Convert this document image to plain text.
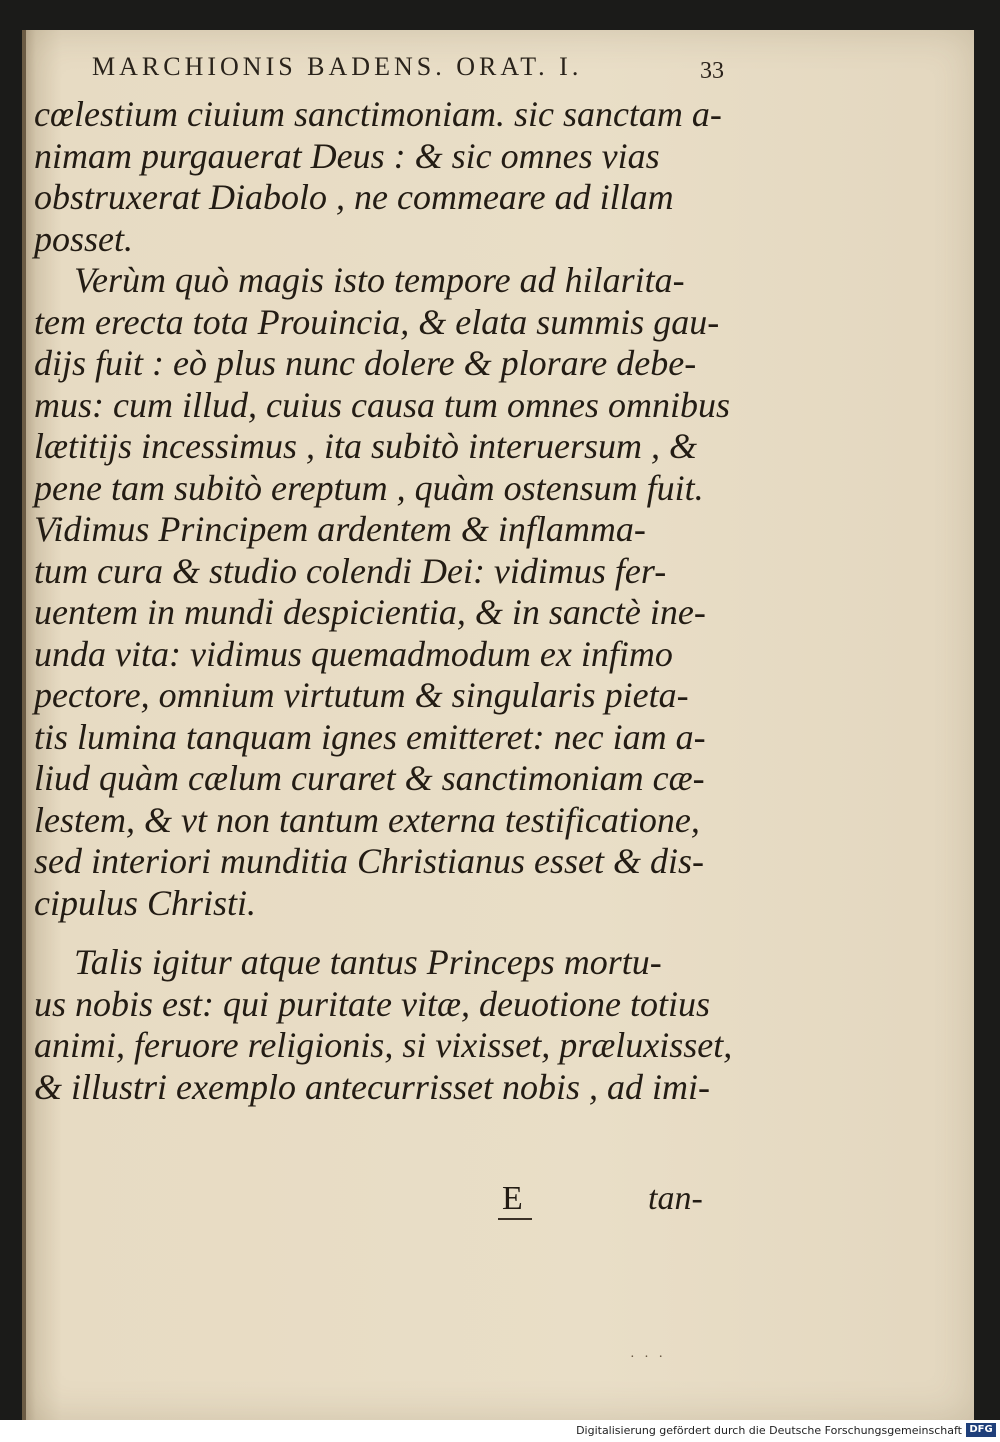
MARCHIONIS BADENS. ORAT. I.	33
cœlestium ciuium sanctimoniam. sic sanctam a-
nimam purgauerat Deus : & sic omnes vias
obstruxerat Diabolo , ne commeare ad illam
posset.
Verùm quò magis isto tempore ad hilarita-
tem erecta tota Prouincia, & elata summis gau-
dijs fuit : eò plus nunc dolere & plorare debe-
mus: cum illud, cuius causa tum omnes omnibus
lætitijs incessimus , ita subitò interuersum , &
pene tam subitò ereptum , quàm ostensum fuit.
Vidimus Principem ardentem & inflamma-
tum cura & studio colendi Dei: vidimus fer-
uentem in mundi despicientia, & in sanctè ine-
unda vita: vidimus quemadmodum ex infimo
pectore, omnium virtutum & singularis pieta-
tis lumina tanquam ignes emitteret: nec iam a-
liud quàm cælum curaret & sanctimoniam cæ-
lestem, & vt non tantum externa testificatione,
sed interiori munditia Christianus esset & dis-
cipulus Christi.
Talis igitur atque tantus Princeps mortu-
us nobis est: qui puritate vitæ, deuotione totius
animi, feruore religionis, si vixisset, præluxisset,
& illustri exemplo antecurrisset nobis , ad imi-
E	tan-
· · ·
Digitalisierung gefördert durch die Deutsche Forschungsgemeinschaft DFG
